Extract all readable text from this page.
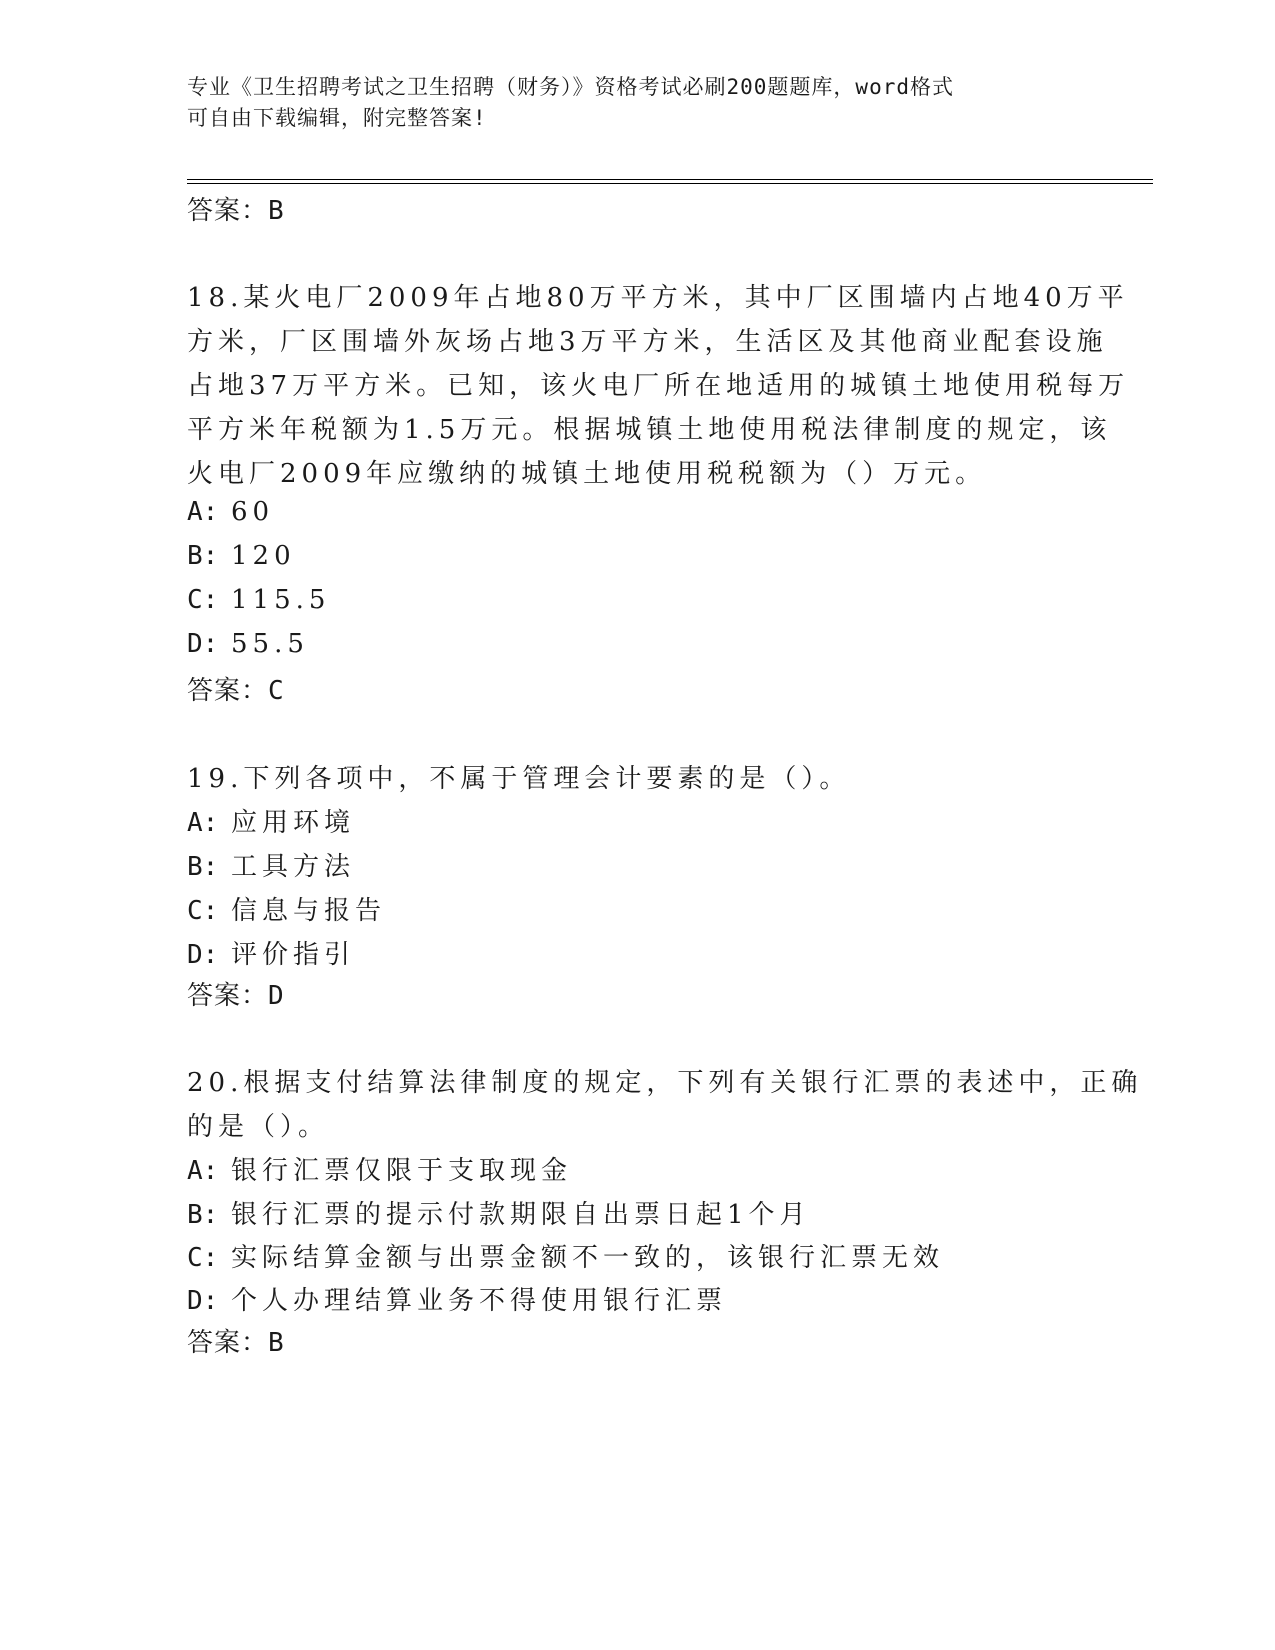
专业《卫生招聘考试之卫生招聘（财务）》资格考试必刷200题题库，word格式
可自由下载编辑，附完整答案!
答案：B
18.某火电厂2009年占地80万平方米，其中厂区围墙内占地40万平
方米，厂区围墙外灰场占地3万平方米，生活区及其他商业配套设施
占地37万平方米。已知，该火电厂所在地适用的城镇土地使用税每万
平方米年税额为1.5万元。根据城镇土地使用税法律制度的规定，该
火电厂2009年应缴纳的城镇土地使用税税额为（）万元。
A: 60
B: 120
C: 115.5
D: 55.5
答案：C
19.下列各项中，不属于管理会计要素的是（）。
A: 应用环境
B: 工具方法
C: 信息与报告
D: 评价指引
答案：D
20.根据支付结算法律制度的规定，下列有关银行汇票的表述中，正确
的是（）。
A: 银行汇票仅限于支取现金
B: 银行汇票的提示付款期限自出票日起1个月
C: 实际结算金额与出票金额不一致的，该银行汇票无效
D: 个人办理结算业务不得使用银行汇票
答案：B
